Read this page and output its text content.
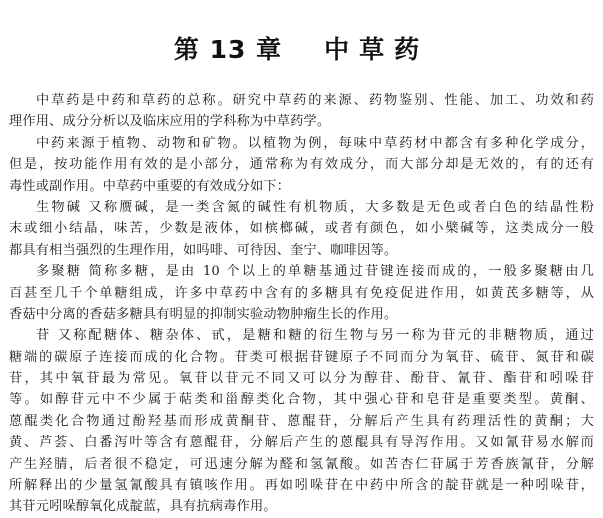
第 13 章 中草药

中草药是中药和草药的总称。研究中草药的来源、药物鉴别、性能、加工、功效和药
理作用、成分分析以及临床应用的学科称为中草药学。

中药来源于植物、动物和矿物。以植物为例，每味中草药材中都含有多种化学成分，
但是，按功能作用有效的是小部分，通常称为有效成分，而大部分却是无效的，有的还有
毒性或副作用。中草药中重要的有效成分如下：

生物碱 又称赝碱，是一类含氮的碱性有机物质，大多数是无色或者白色的结晶性粉
末或细小结晶，味苦，少数是液体，如槟榔碱，或者有颜色，如小檗碱等，这类成分一般
都具有相当强烈的生理作用，如吗啡、可待因、奎宁、咖啡因等。

多聚糖 简称多糖，是由 10 个以上的单糖基通过苷键连接而成的，一般多聚糖由几
百甚至几千个单糖组成，许多中草药中含有的多糖具有免疫促进作用，如黄芪多糖等，从
香菇中分离的香菇多糖具有明显的抑制实验动物肿瘤生长的作用。

苷 又称配糖体、糖杂体、甙，是糖和糖的衍生物与另一称为苷元的非糖物质，通过
糖端的碳原子连接而成的化合物。苷类可根据苷键原子不同而分为氧苷、硫苷、氮苷和碳
苷，其中氧苷最为常见。氧苷以苷元不同又可以分为醇苷、酚苷、氰苷、酯苷和吲哚苷
等。如醇苷元中不少属于萜类和甾醇类化合物，其中强心苷和皂苷是重要类型。黄酮、
蒽醌类化合物通过酚羟基而形成黄酮苷、蒽醌苷，分解后产生具有药理活性的黄酮；大
黄、芦荟、白番泻叶等含有蒽醌苷，分解后产生的蒽醌具有导泻作用。又如氰苷易水解而
产生羟腈，后者很不稳定，可迅速分解为醛和氢氰酸。如苦杏仁苷属于芳香族氰苷，分解
所解释出的少量氢氰酸具有镇咳作用。再如吲哚苷在中药中所含的靛苷就是一种吲哚苷，
其苷元吲哚醇氧化成靛蓝，具有抗病毒作用。
